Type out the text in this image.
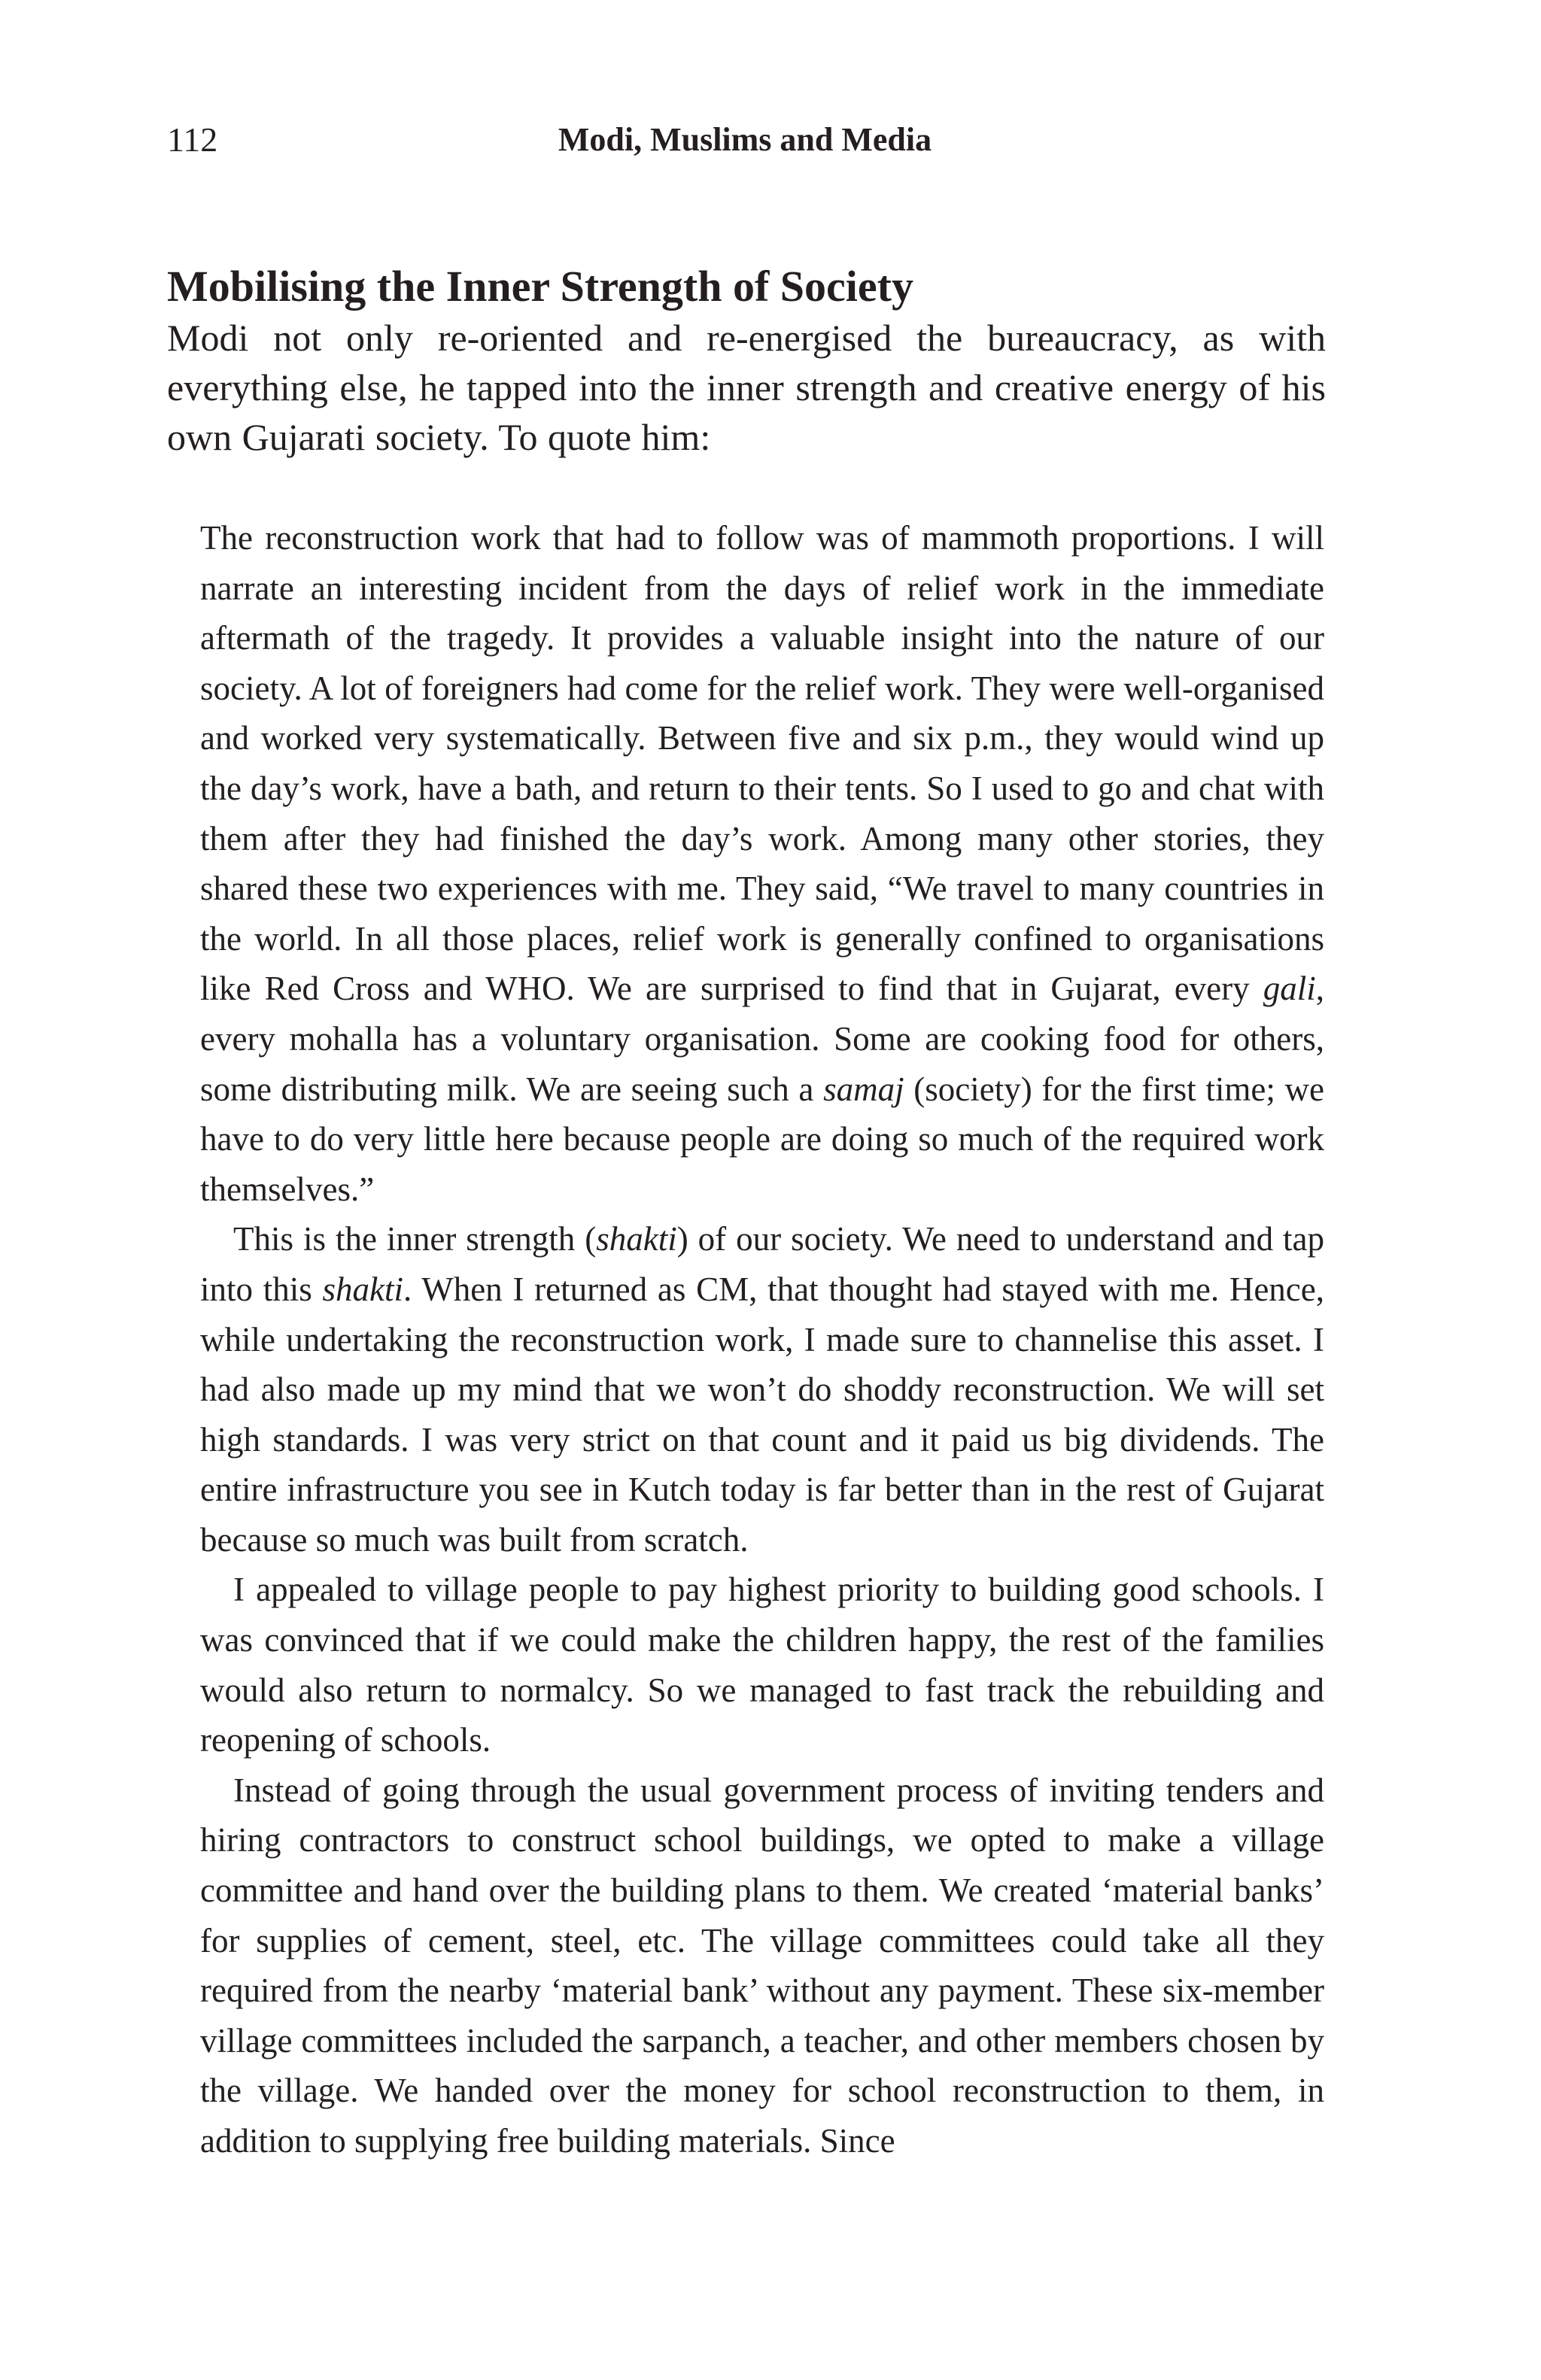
112	Modi, Muslims and Media
Mobilising the Inner Strength of Society

Modi not only re-oriented and re-energised the bureaucracy, as with everything else, he tapped into the inner strength and creative energy of his own Gujarati society. To quote him:

The reconstruction work that had to follow was of mammoth proportions. I will narrate an interesting incident from the days of relief work in the immediate aftermath of the tragedy. It provides a valuable insight into the nature of our society. A lot of foreigners had come for the relief work. They were well-organised and worked very systematically. Between five and six p.m., they would wind up the day’s work, have a bath, and return to their tents. So I used to go and chat with them after they had finished the day’s work. Among many other stories, they shared these two experiences with me. They said, “We travel to many countries in the world. In all those places, relief work is generally confined to organisations like Red Cross and WHO. We are surprised to find that in Gujarat, every gali, every mohalla has a voluntary organisation. Some are cooking food for others, some distributing milk. We are seeing such a samaj (society) for the first time; we have to do very little here because people are doing so much of the required work themselves.”

This is the inner strength (shakti) of our society. We need to understand and tap into this shakti. When I returned as CM, that thought had stayed with me. Hence, while undertaking the reconstruction work, I made sure to channelise this asset. I had also made up my mind that we won’t do shoddy reconstruction. We will set high standards. I was very strict on that count and it paid us big dividends. The entire infrastructure you see in Kutch today is far better than in the rest of Gujarat because so much was built from scratch.

I appealed to village people to pay highest priority to building good schools. I was convinced that if we could make the children happy, the rest of the families would also return to normalcy. So we managed to fast track the rebuilding and reopening of schools.

Instead of going through the usual government process of inviting tenders and hiring contractors to construct school buildings, we opted to make a village committee and hand over the building plans to them. We created ‘material banks’ for supplies of cement, steel, etc. The village committees could take all they required from the nearby ‘material bank’ without any payment. These six-member village committees included the sarpanch, a teacher, and other members chosen by the village. We handed over the money for school reconstruction to them, in addition to supplying free building materials. Since
